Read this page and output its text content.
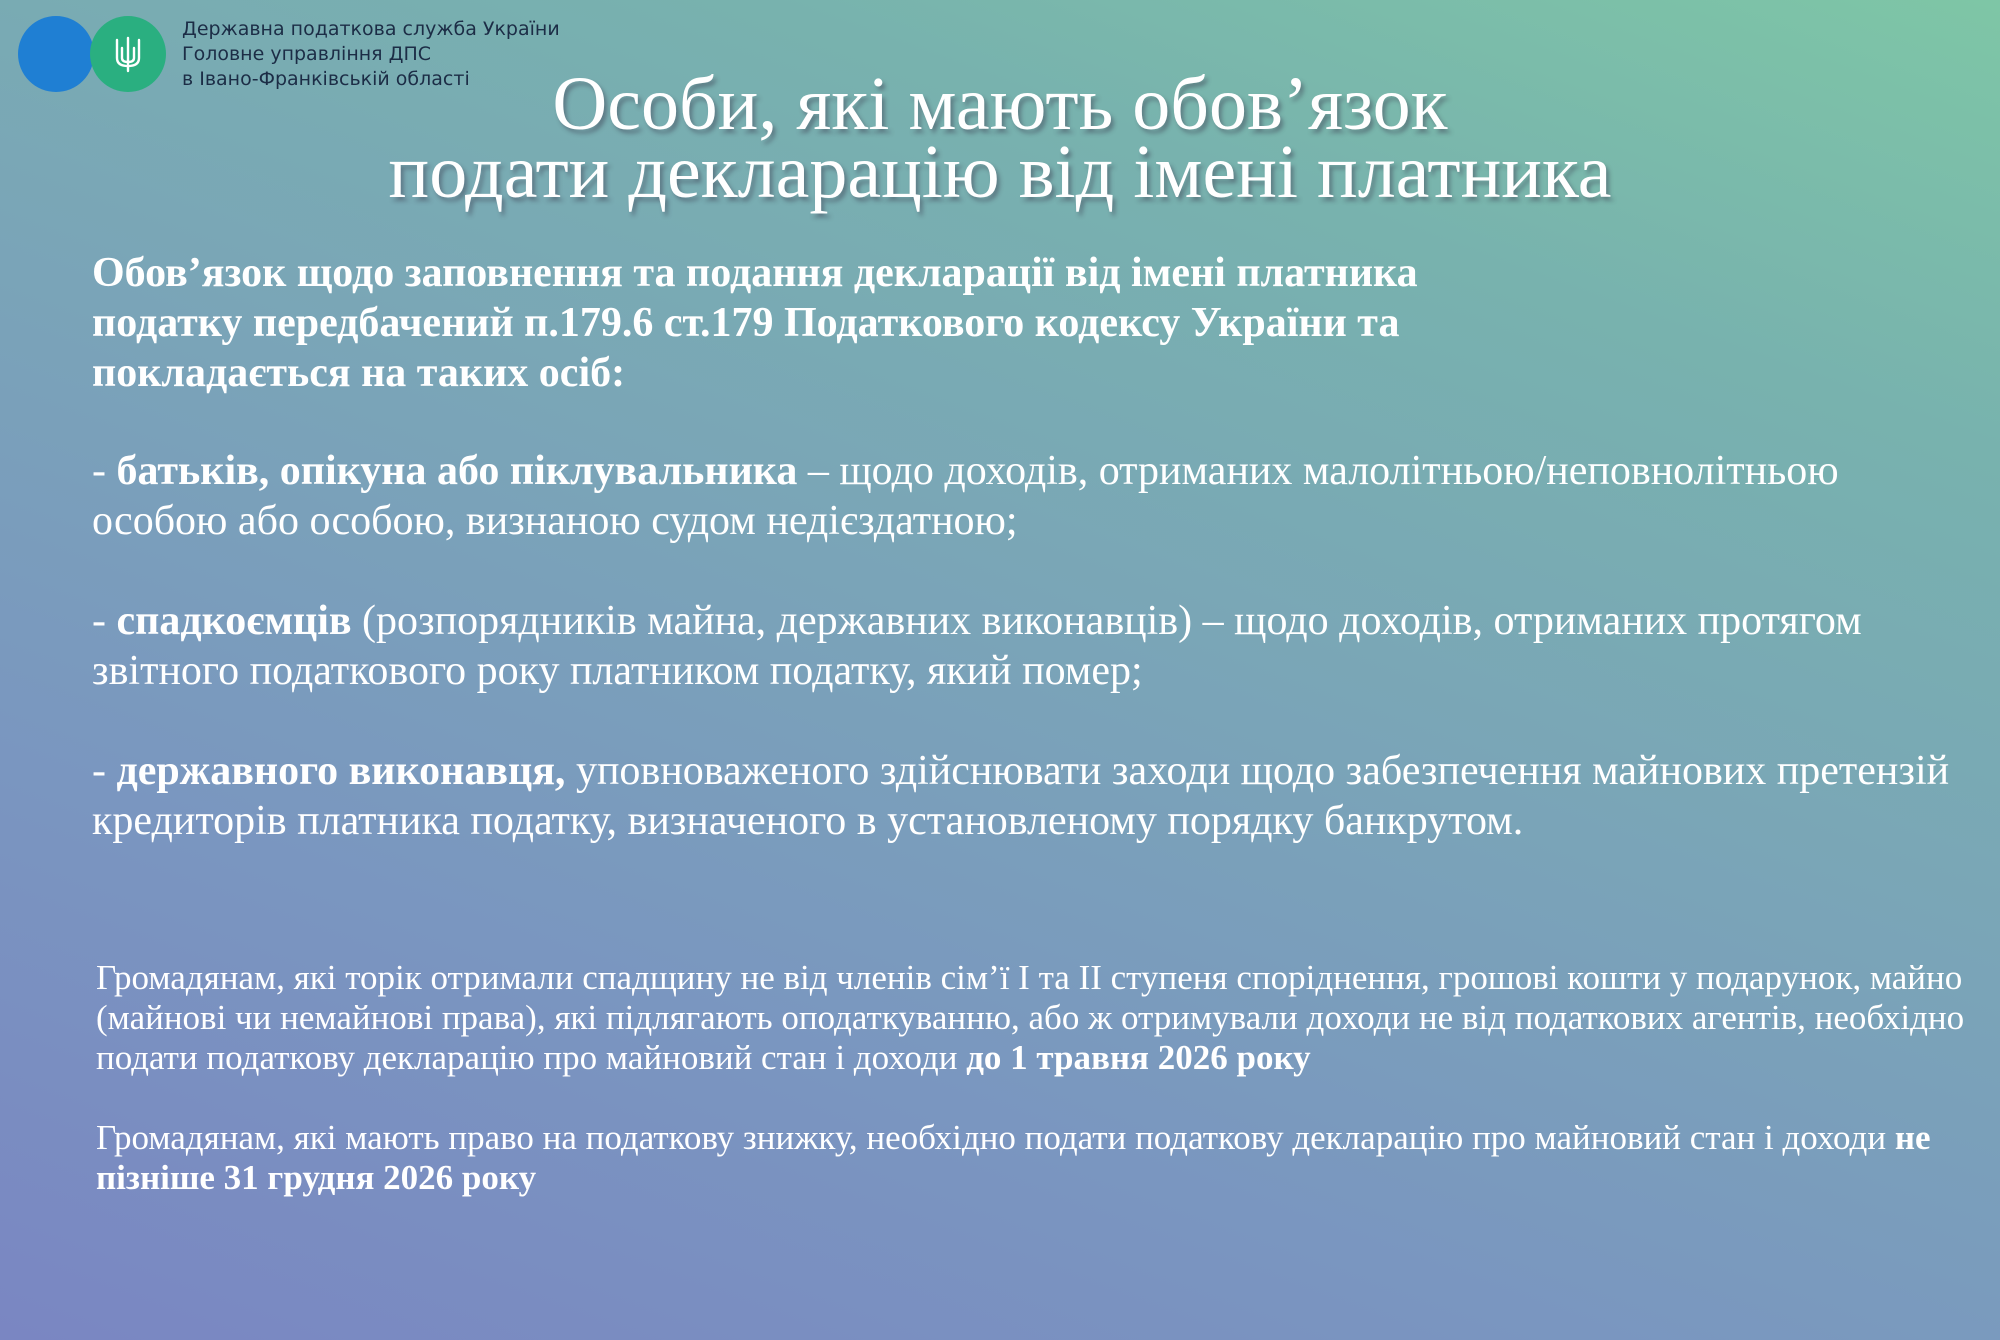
Державна податкова служба України
Головне управління ДПС
в Івано-Франківській області	Особи, які мають обов’язок
подати декларацію від імені платника
Обов’язок щодо заповнення та подання декларації від імені платника
податку передбачений п.179.6 ст.179 Податкового кодексу України та
покладається на таких осіб:
- батьків, опікуна або піклувальника – щодо доходів, отриманих малолітньою/неповнолітньою особою або особою, визнаною судом недієздатною;
- спадкоємців (розпорядників майна, державних виконавців) – щодо доходів, отриманих протягом звітного податкового року платником податку, який помер;
- державного виконавця, уповноваженого здійснювати заходи щодо забезпечення майнових претензій кредиторів платника податку, визначеного в установленому порядку банкрутом.
Громадянам, які торік отримали спадщину не від членів сім’ї I та II ступеня споріднення, грошові кошти у подарунок, майно (майнові чи немайнові права), які підлягають оподаткуванню, або ж отримували доходи не від податкових агентів, необхідно подати податкову декларацію про майновий стан і доходи до 1 травня 2026 року
Громадянам, які мають право на податкову знижку, необхідно подати податкову декларацію про майновий стан і доходи не пізніше 31 грудня 2026 року
